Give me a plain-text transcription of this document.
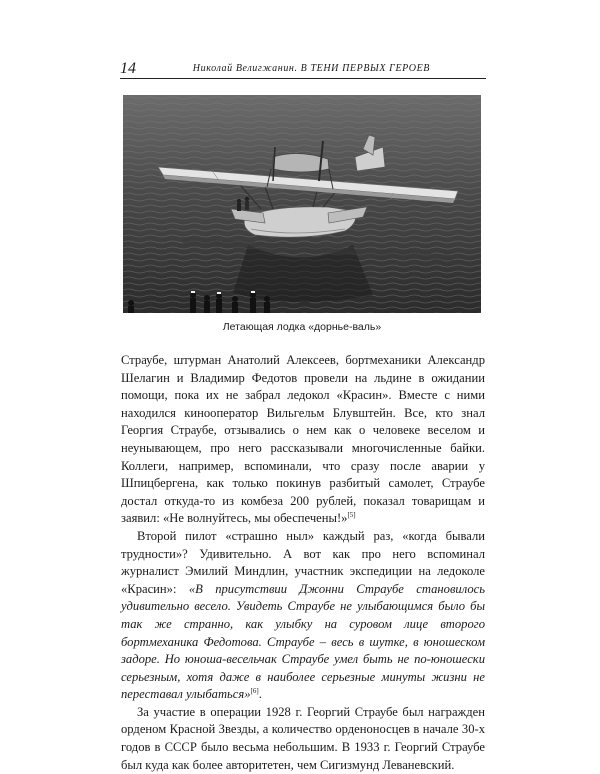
14	Николай Велигжанин. В ТЕНИ ПЕРВЫХ ГЕРОЕВ
Летающая лодка «дорнье-валь»

Страубе, штурман Анатолий Алексеев, бортмеханики Александр Шелагин и Владимир Федотов провели на льдине в ожидании помощи, пока их не забрал ледокол «Красин». Вместе с ними находился кинооператор Вильгельм Блувштейн. Все, кто знал Георгия Страубе, отзывались о нем как о человеке веселом и неунывающем, про него рассказывали многочисленные байки. Коллеги, например, вспоминали, что сразу после аварии у Шпицбергена, как только покинув разбитый самолет, Страубе достал откуда-то из комбеза 200 рублей, показал товарищам и заявил: «Не волнуйтесь, мы обеспечены!»[5]

Второй пилот «страшно ныл» каждый раз, «когда бывали трудности»? Удивительно. А вот как про него вспоминал журналист Эмилий Миндлин, участник экспедиции на ледоколе «Красин»: «В присутствии Джонни Страубе становилось удивительно весело. Увидеть Страубе не улыбающимся было бы так же странно, как улыбку на суровом лице второго бортмеханика Федотова. Страубе – весь в шутке, в юношеском задоре. Но юноша-весельчак Страубе умел быть не по-юношески серьезным, хотя даже в наиболее серьезные минуты жизни не переставал улыбаться»[6].

За участие в операции 1928 г. Георгий Страубе был награжден орденом Красной Звезды, а количество орденоносцев в начале 30-х годов в СССР было весьма небольшим. В 1933 г. Георгий Страубе был куда как более авторитетен, чем Сигизмунд Леваневский.
